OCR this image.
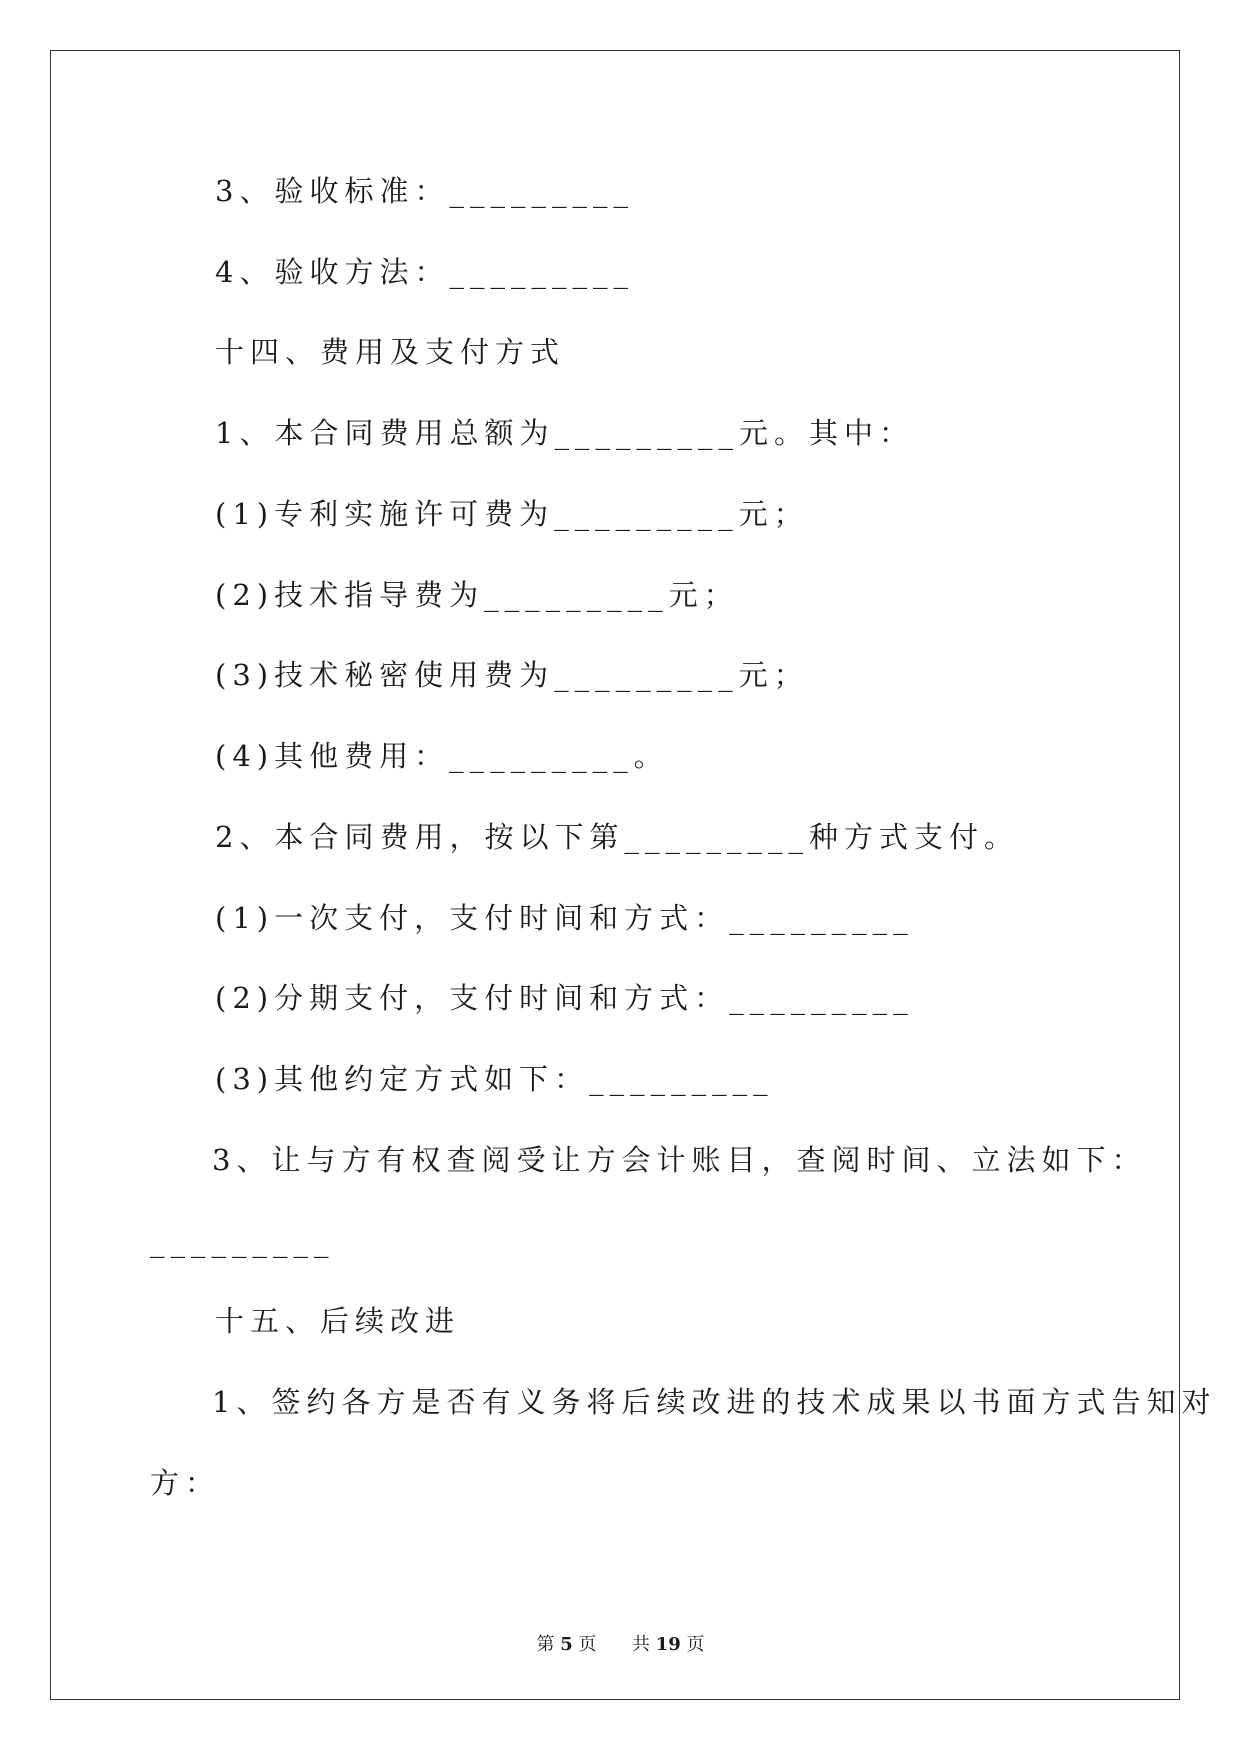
3、验收标准：_________
4、验收方法：_________
十四、费用及支付方式
1、本合同费用总额为_________元。其中：
(1)专利实施许可费为_________元；
(2)技术指导费为_________元；
(3)技术秘密使用费为_________元；
(4)其他费用：_________。
2、本合同费用，按以下第_________种方式支付。
(1)一次支付，支付时间和方式：_________
(2)分期支付，支付时间和方式：_________
(3)其他约定方式如下：_________
3、让与方有权查阅受让方会计账目，查阅时间、立法如下：
_________
十五、后续改进
1、签约各方是否有义务将后续改进的技术成果以书面方式告知对
方：
第 5 页 共 19 页
